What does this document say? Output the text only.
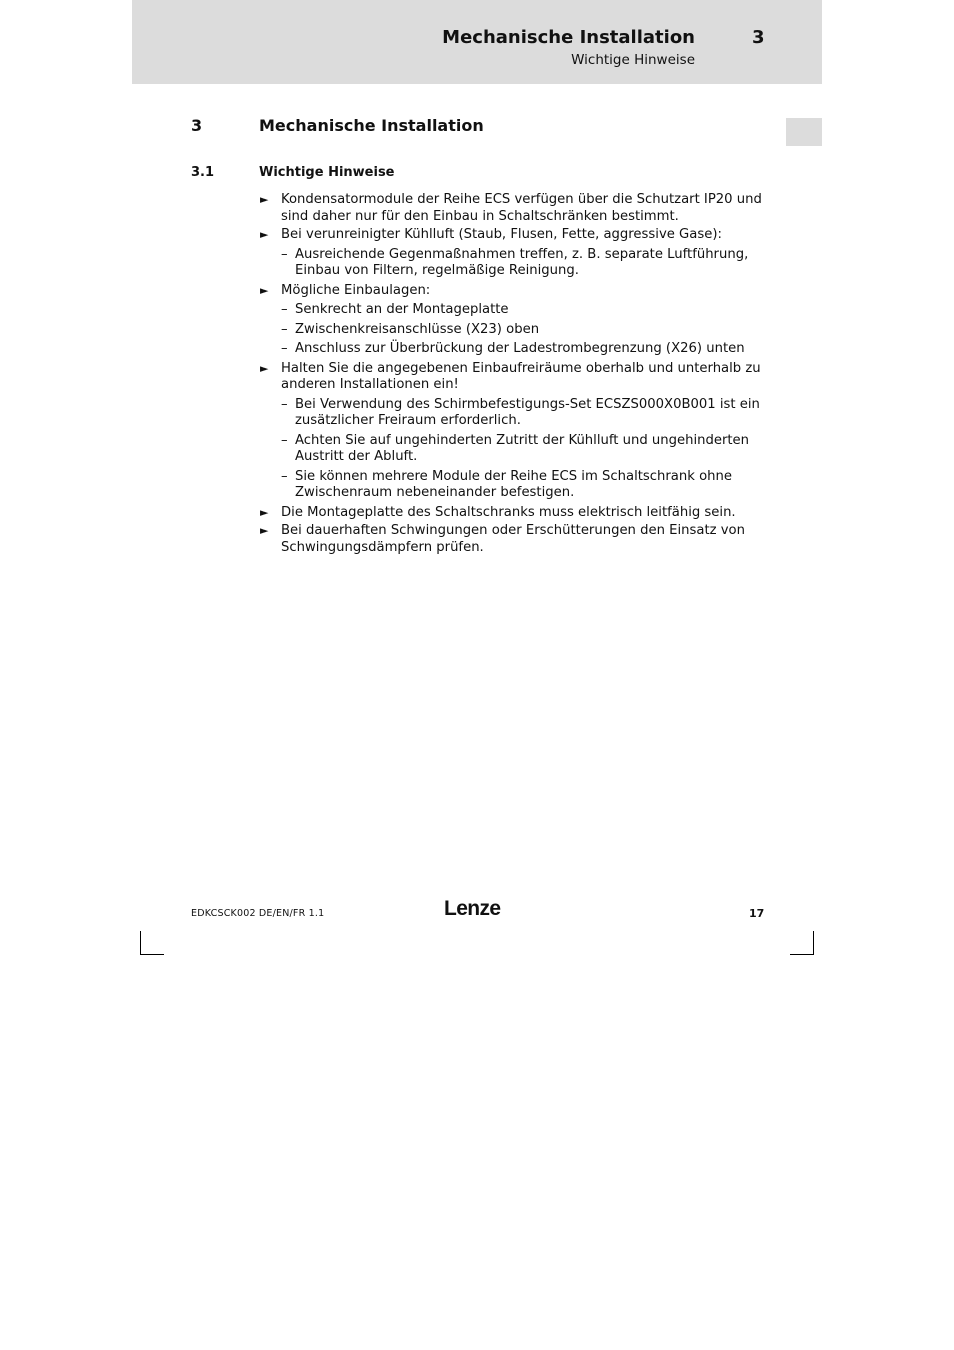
Mechanische Installation	3
Wichtige Hinweise
3	Mechanische Installation
3.1	Wichtige Hinweise
► Kondensatormodule der Reihe ECS verfügen über die Schutzart IP20 und sind daher nur für den Einbau in Schaltschränken bestimmt.
► Bei verunreinigter Kühlluft (Staub, Flusen, Fette, aggressive Gase):
– Ausreichende Gegenmaßnahmen treffen, z. B. separate Luftführung, Einbau von Filtern, regelmäßige Reinigung.
► Mögliche Einbaulagen:
– Senkrecht an der Montageplatte
– Zwischenkreisanschlüsse (X23) oben
– Anschluss zur Überbrückung der Ladestrombegrenzung (X26) unten
► Halten Sie die angegebenen Einbaufreiräume oberhalb und unterhalb zu anderen Installationen ein!
– Bei Verwendung des Schirmbefestigungs-Set ECSZS000X0B001 ist ein zusätzlicher Freiraum erforderlich.
– Achten Sie auf ungehinderten Zutritt der Kühlluft und ungehinderten Austritt der Abluft.
– Sie können mehrere Module der Reihe ECS im Schaltschrank ohne Zwischenraum nebeneinander befestigen.
► Die Montageplatte des Schaltschranks muss elektrisch leitfähig sein.
► Bei dauerhaften Schwingungen oder Erschütterungen den Einsatz von Schwingungsdämpfern prüfen.
EDKCSCK002 DE/EN/FR 1.1	Lenze	17
